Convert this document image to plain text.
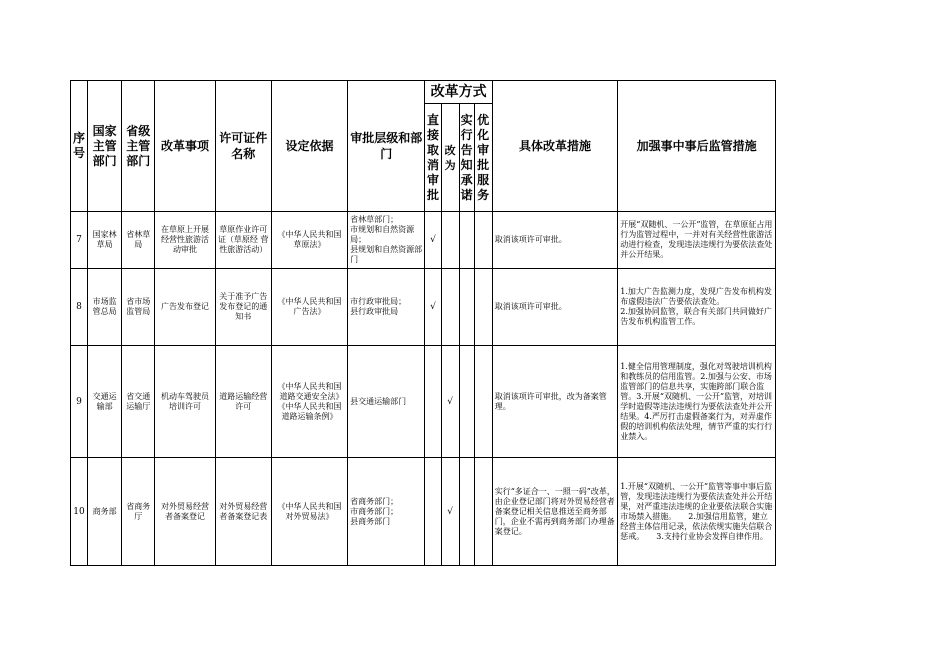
序号	国家主管部门	省级主管部门	改革事项	许可证件名称	设定依据	审批层级和部门	改革方式				具体改革措施	加强事中事后监管措施
							直接取消审批	改为	实行告知承诺	优化审批服务		
7	国家林草局	省林草局	在草原上开展经营性旅游活动审批	草原作业许可证（草原经 营性旅游活动）	《中华人民共和国草原法》	省林草部门；
市规划和自然资源局；
县规划和自然资源部门	√				取消该项许可审批。	开展“双随机、一公开”监管，在草原征占用行为监管过程中，一并对有关经营性旅游活动进行检查，发现违法违规行为要依法查处并公开结果。
8	市场监管总局	省市场监管局	广告发布登记	关于准予广告发布登记的通知书	《中华人民共和国广告法》	市行政审批局；
县行政审批局	√				取消该项许可审批。	1.加大广告监测力度，发现广告发布机构发布虚假违法广告要依法查处。
2.加强协同监管，联合有关部门共同做好广告发布机构监管工作。
9	交通运输部	省交通运输厅	机动车驾驶员培训许可	道路运输经营许可	《中华人民共和国道路交通安全法》　　　《中华人民共和国道路运输条例》	县交通运输部门		√			取消该项许可审批，改为备案管理。	1.健全信用管理制度，强化对驾驶培训机构和教练员的信用监管。2.加强与公安、市场监管部门的信息共享，实施跨部门联合监管。3.开展“双随机、一公开”监管，对培训学时造假等违法违规行为要依法查处并公开结果。4.严厉打击虚假备案行为，对弄虚作假的培训机构依法处理，情节严重的实行行业禁入。
10	商务部	省商务厅	对外贸易经营者备案登记	对外贸易经营者备案登记表	《中华人民共和国对外贸易法》	省商务部门；
市商务部门；
县商务部门		√			实行“多证合一、一照一码”改革，由企业登记部门将对外贸易经营者备案登记相关信息推送至商务部门，企业不需再到商务部门办理备案登记。	1.开展“双随机、一公开”监管等事中事后监管，发现违法违规行为要依法查处并公开结果，对严重违法违规的企业要依法联合实施市场禁入措施。　　2.加强信用监管，建立经营主体信用记录，依法依规实施失信联合惩戒。　　3.支持行业协会发挥自律作用。
